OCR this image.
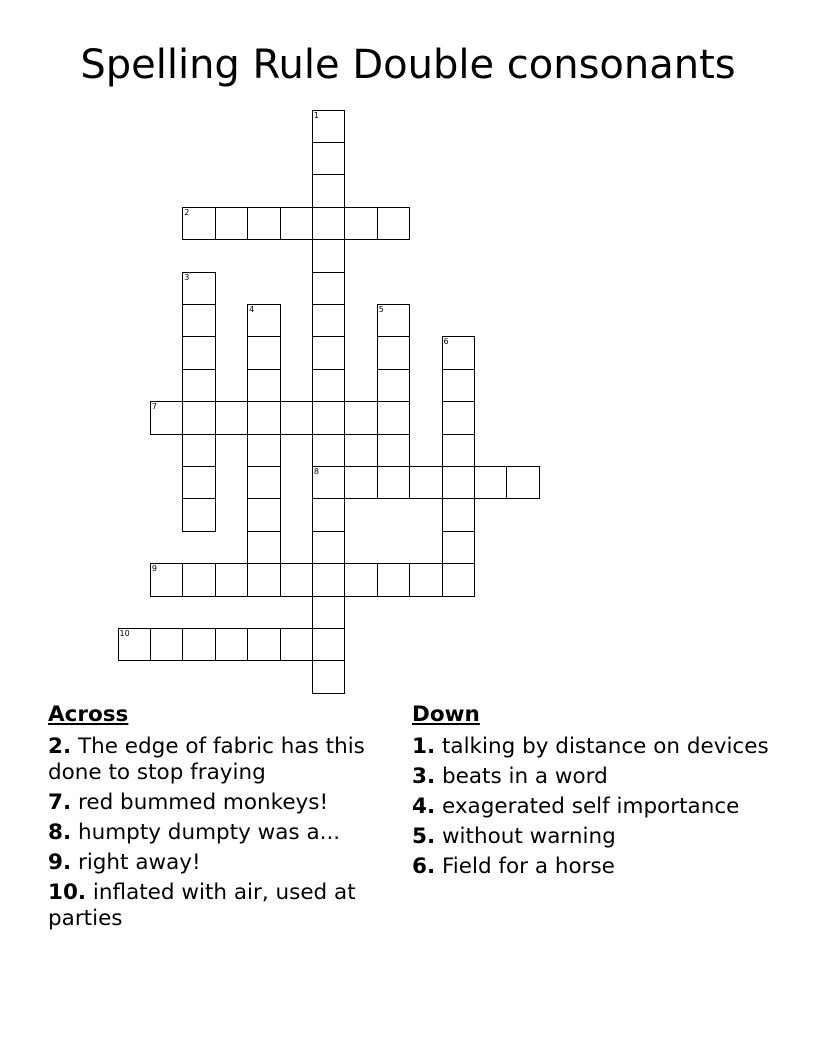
Spelling Rule Double consonants
1
8
2
3
4	5
6
7
9
10
Across
2. The edge of fabric has this done to stop fraying
7. red bummed monkeys!
8. humpty dumpty was a...
9. right away!
10. inflated with air, used at parties
Down
1. talking by distance on devices
3. beats in a word
4. exagerated self importance
5. without warning
6. Field for a horse
